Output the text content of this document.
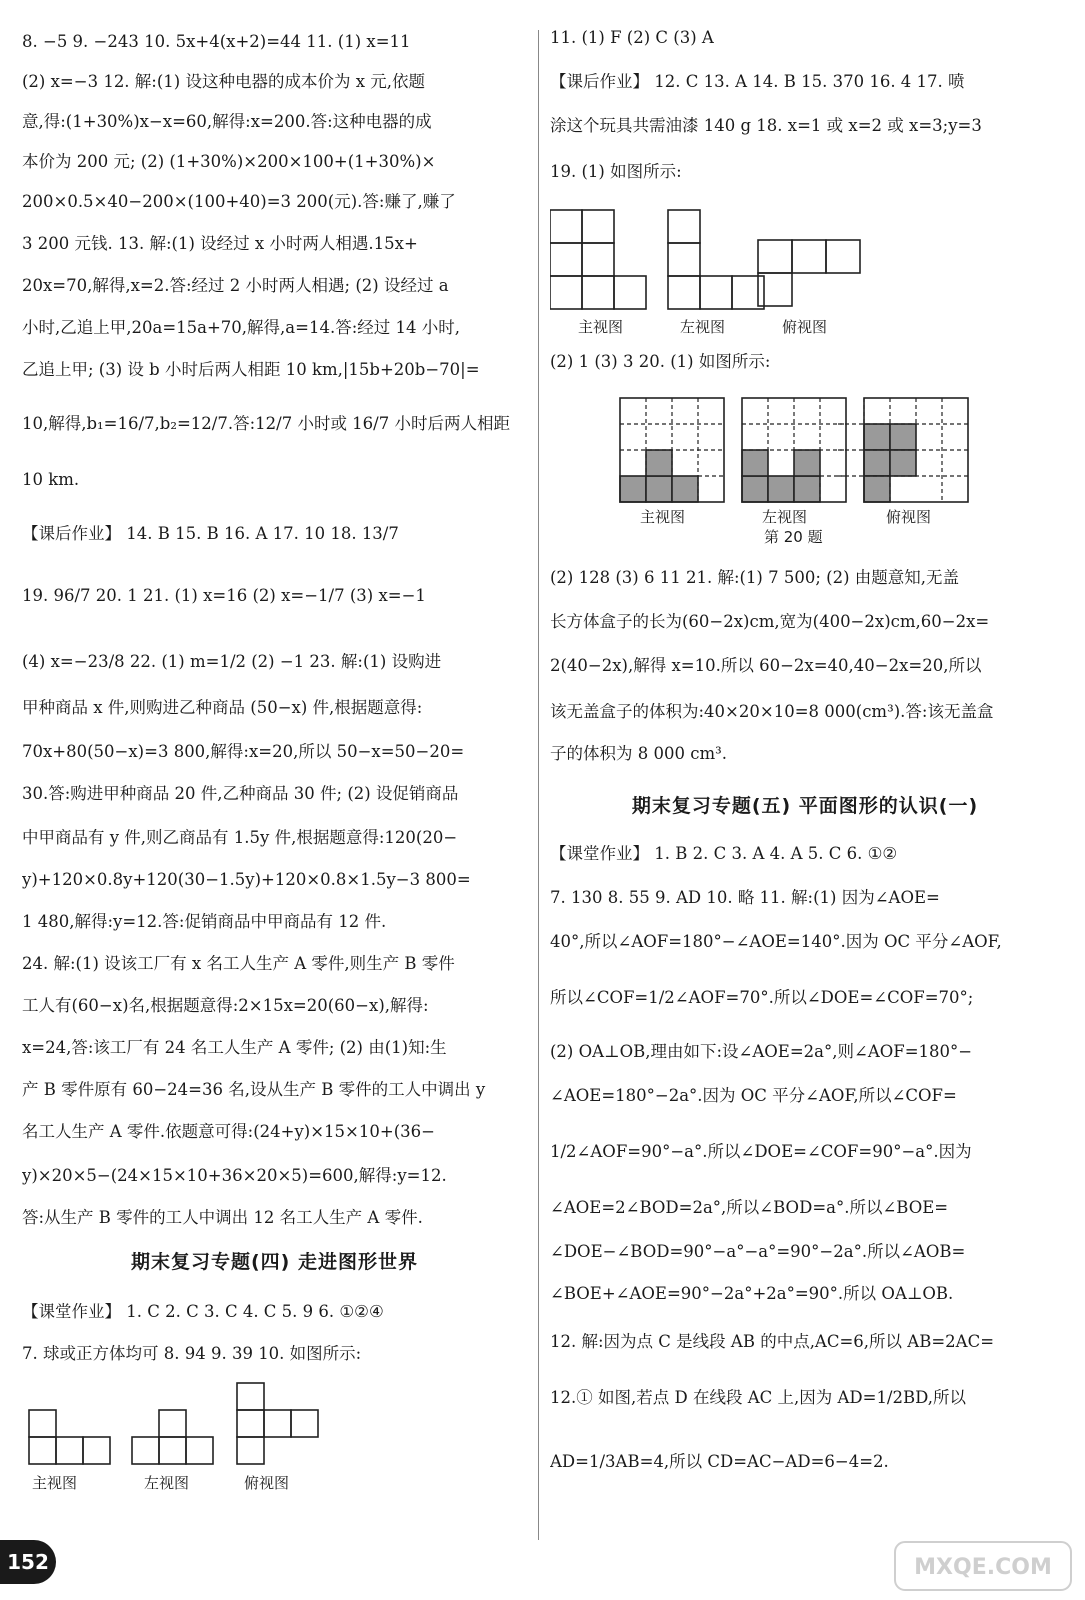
8. −5 9. −243 10. 5x+4(x+2)=44 11. (1) x=11
(2) x=−3 12. 解:(1) 设这种电器的成本价为 x 元,依题
意,得:(1+30%)x−x=60,解得:x=200.答:这种电器的成
本价为 200 元; (2) (1+30%)×200×100+(1+30%)×
200×0.5×40−200×(100+40)=3 200(元).答:赚了,赚了
3 200 元钱. 13. 解:(1) 设经过 x 小时两人相遇.15x+
20x=70,解得,x=2.答:经过 2 小时两人相遇; (2) 设经过 a
小时,乙追上甲,20a=15a+70,解得,a=14.答:经过 14 小时,
乙追上甲; (3) 设 b 小时后两人相距 10 km,|15b+20b−70|=
10,解得,b₁=16/7,b₂=12/7.答:12/7 小时或 16/7 小时后两人相距
10 km.
【课后作业】 14. B 15. B 16. A 17. 10 18. 13/7
19. 96/7 20. 1 21. (1) x=16 (2) x=−1/7 (3) x=−1
(4) x=−23/8 22. (1) m=1/2 (2) −1 23. 解:(1) 设购进
甲种商品 x 件,则购进乙种商品 (50−x) 件,根据题意得:
70x+80(50−x)=3 800,解得:x=20,所以 50−x=50−20=
30.答:购进甲种商品 20 件,乙种商品 30 件; (2) 设促销商品
中甲商品有 y 件,则乙商品有 1.5y 件,根据题意得:120(20−
y)+120×0.8y+120(30−1.5y)+120×0.8×1.5y−3 800=
1 480,解得:y=12.答:促销商品中甲商品有 12 件.
24. 解:(1) 设该工厂有 x 名工人生产 A 零件,则生产 B 零件
工人有(60−x)名,根据题意得:2×15x=20(60−x),解得:
x=24,答:该工厂有 24 名工人生产 A 零件; (2) 由(1)知:生
产 B 零件原有 60−24=36 名,设从生产 B 零件的工人中调出 y
名工人生产 A 零件.依题意可得:(24+y)×15×10+(36−
y)×20×5−(24×15×10+36×20×5)=600,解得:y=12.
答:从生产 B 零件的工人中调出 12 名工人生产 A 零件.
期末复习专题(四) 走进图形世界
【课堂作业】 1. C 2. C 3. C 4. C 5. 9 6. ①②④
7. 球或正方体均可 8. 94 9. 39 10. 如图所示:
主视图	左视图	俯视图
11. (1) F (2) C (3) A
【课后作业】 12. C 13. A 14. B 15. 370 16. 4 17. 喷
涂这个玩具共需油漆 140 g 18. x=1 或 x=2 或 x=3;y=3
19. (1) 如图所示:
主视图	左视图	俯视图
(2) 1 (3) 3 20. (1) 如图所示:
主视图	左视图	俯视图
第 20 题
(2) 128 (3) 6 11 21. 解:(1) 7 500; (2) 由题意知,无盖
长方体盒子的长为(60−2x)cm,宽为(400−2x)cm,60−2x=
2(40−2x),解得 x=10.所以 60−2x=40,40−2x=20,所以
该无盖盒子的体积为:40×20×10=8 000(cm³).答:该无盖盒
子的体积为 8 000 cm³.
期末复习专题(五) 平面图形的认识(一)
【课堂作业】 1. B 2. C 3. A 4. A 5. C 6. ①②
7. 130 8. 55 9. AD 10. 略 11. 解:(1) 因为∠AOE=
40°,所以∠AOF=180°−∠AOE=140°.因为 OC 平分∠AOF,
所以∠COF=1/2∠AOF=70°.所以∠DOE=∠COF=70°;
(2) OA⊥OB,理由如下:设∠AOE=2a°,则∠AOF=180°−
∠AOE=180°−2a°.因为 OC 平分∠AOF,所以∠COF=
1/2∠AOF=90°−a°.所以∠DOE=∠COF=90°−a°.因为
∠AOE=2∠BOD=2a°,所以∠BOD=a°.所以∠BOE=
∠DOE−∠BOD=90°−a°−a°=90°−2a°.所以∠AOB=
∠BOE+∠AOE=90°−2a°+2a°=90°.所以 OA⊥OB.
12. 解:因为点 C 是线段 AB 的中点,AC=6,所以 AB=2AC=
12.① 如图,若点 D 在线段 AC 上,因为 AD=1/2BD,所以
AD=1/3AB=4,所以 CD=AC−AD=6−4=2.
152	MXQE.COM
